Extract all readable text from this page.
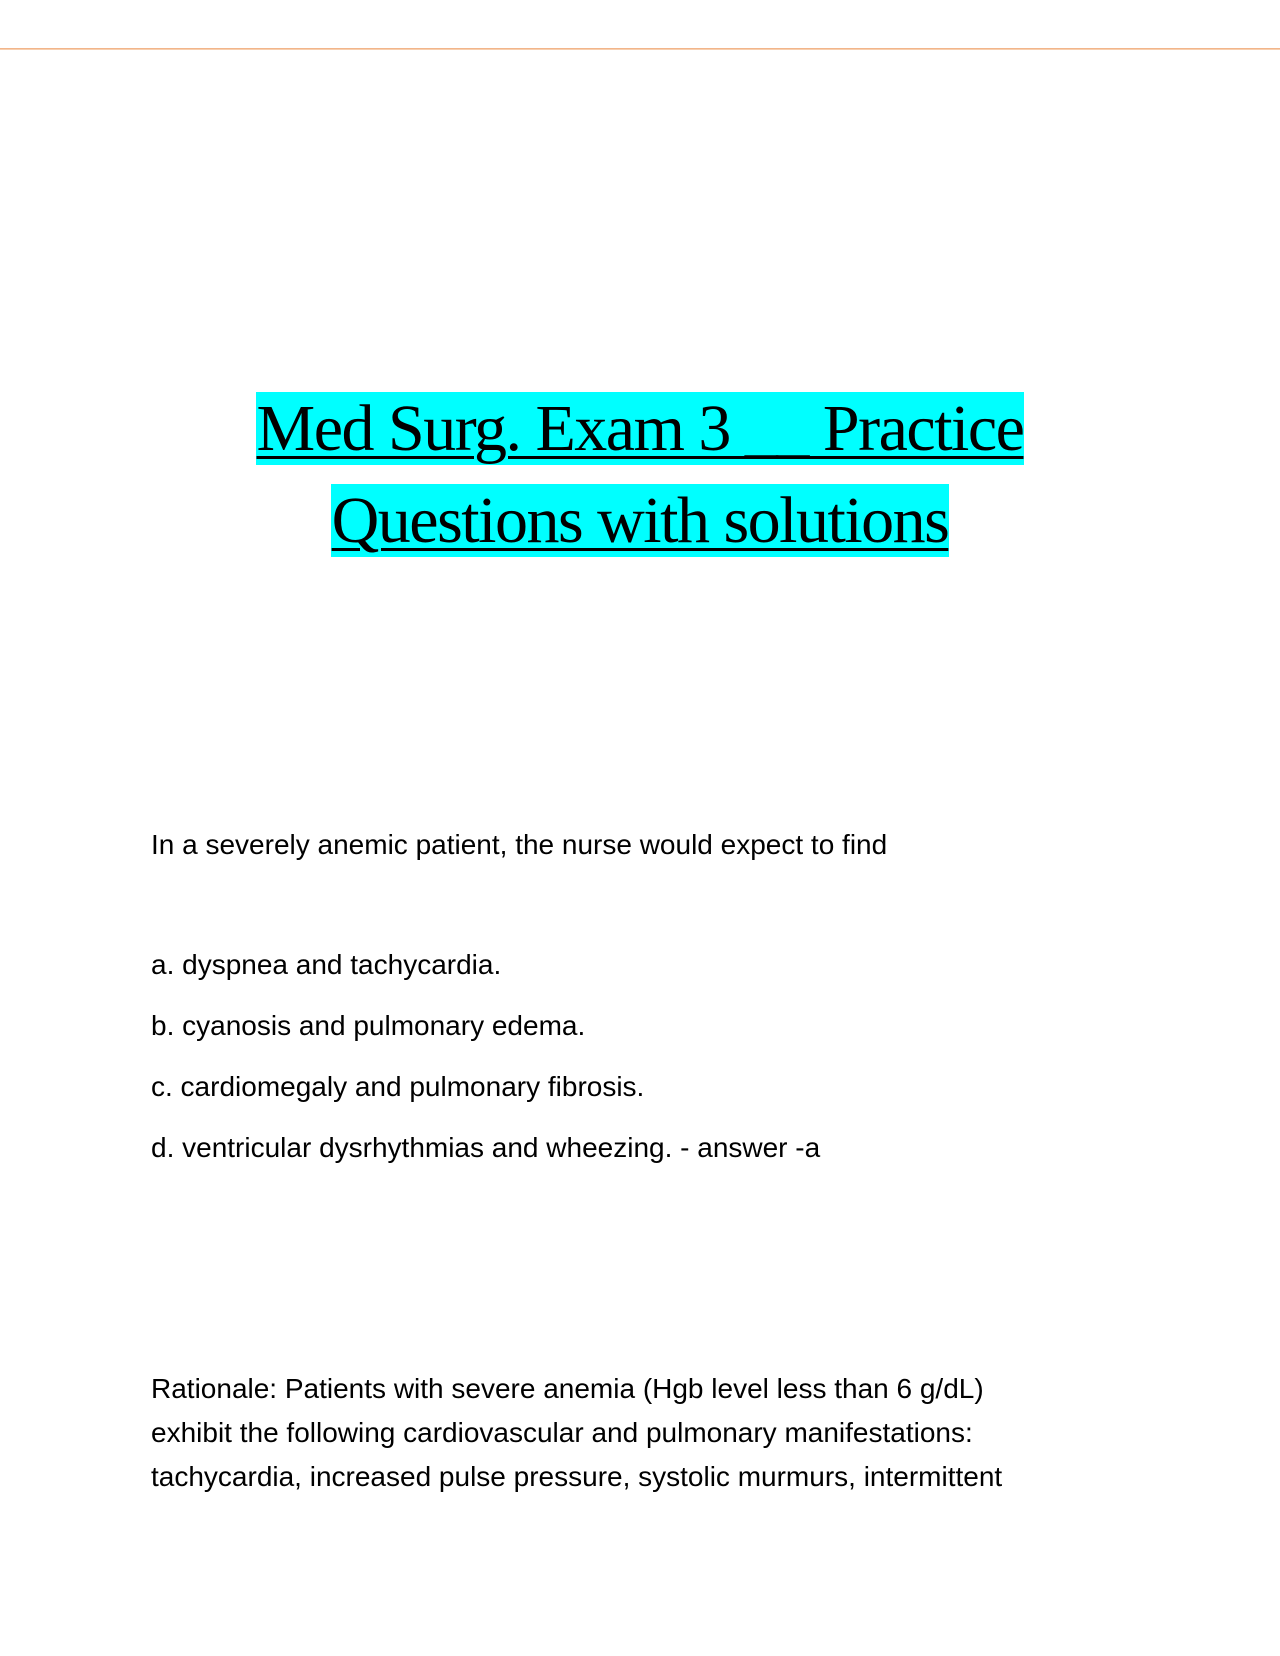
Med Surg. Exam 3 __ Practice
Questions with solutions
In a severely anemic patient, the nurse would expect to find
a. dyspnea and tachycardia.
b. cyanosis and pulmonary edema.
c. cardiomegaly and pulmonary fibrosis.
d. ventricular dysrhythmias and wheezing. - answer -a
Rationale: Patients with severe anemia (Hgb level less than 6 g/dL)
exhibit the following cardiovascular and pulmonary manifestations:
tachycardia, increased pulse pressure, systolic murmurs, intermittent
